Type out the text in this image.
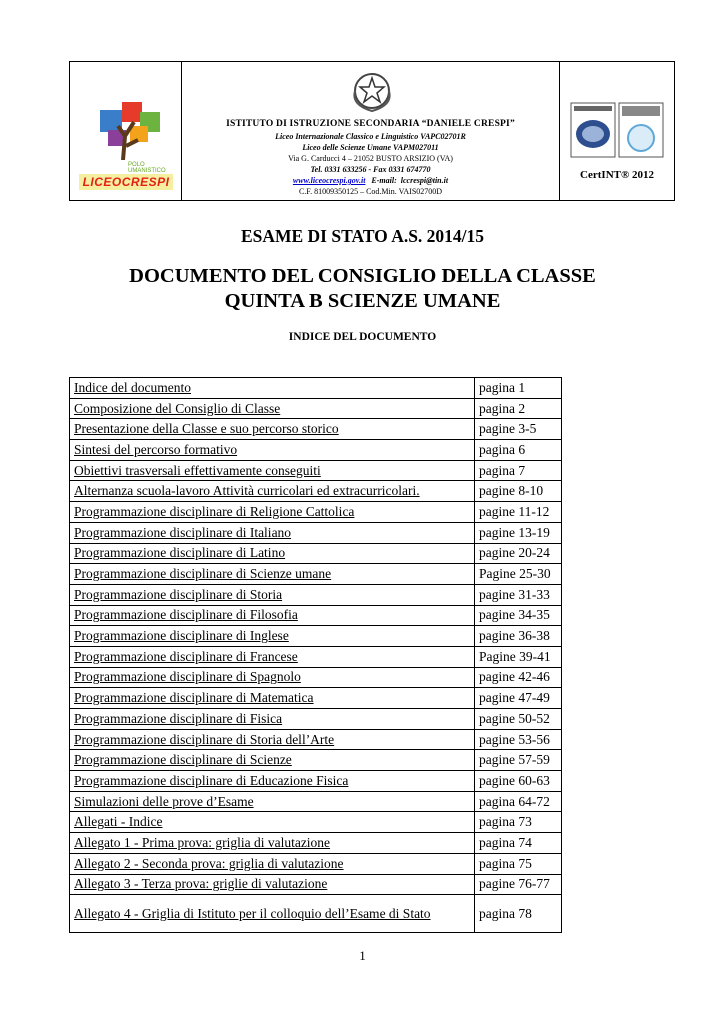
POLO UMANISTICO
LICEOCRESPI
ISTITUTO DI ISTRUZIONE SECONDARIA “DANIELE CRESPI”
Liceo Internazionale Classico e Linguistico VAPC02701R
Liceo delle Scienze Umane VAPM027011
Via G. Carducci 4 – 21052 BUSTO ARSIZIO (VA)
Tel. 0331 633256 - Fax 0331 674770
www.liceocrespi.gov.it   E-mail:  lccrespi@tin.it
C.F. 81009350125 – Cod.Min. VAIS02700D
CertINT® 2012
ESAME DI STATO A.S. 2014/15
DOCUMENTO DEL CONSIGLIO DELLA CLASSE
QUINTA B SCIENZE UMANE
INDICE DEL DOCUMENTO
Indice del documento	pagina 1
Composizione del Consiglio di Classe	pagina 2
Presentazione della Classe e suo percorso storico	pagine 3-5
Sintesi del percorso formativo	pagina 6
Obiettivi trasversali effettivamente conseguiti	pagina 7
Alternanza scuola-lavoro Attività curricolari ed extracurricolari.	pagine 8-10
Programmazione disciplinare di Religione Cattolica	pagine 11-12
Programmazione disciplinare di Italiano	pagine 13-19
Programmazione disciplinare di Latino	pagine 20-24
Programmazione disciplinare di Scienze umane	Pagine 25-30
Programmazione disciplinare di Storia	pagine 31-33
Programmazione disciplinare di Filosofia	pagine 34-35
Programmazione disciplinare di Inglese	pagine 36-38
Programmazione disciplinare di Francese	Pagine 39-41
Programmazione disciplinare di Spagnolo	pagine 42-46
Programmazione disciplinare di Matematica	pagine 47-49
Programmazione disciplinare di Fisica	pagine 50-52
Programmazione disciplinare di Storia dell’Arte	pagine 53-56
Programmazione disciplinare di Scienze	pagine 57-59
Programmazione disciplinare di Educazione Fisica	pagine 60-63
Simulazioni delle prove d’Esame	pagina 64-72
Allegati - Indice	pagina 73
Allegato 1 - Prima prova: griglia di valutazione	pagina 74
Allegato 2 - Seconda prova: griglia di valutazione	pagina 75
Allegato 3 - Terza prova: griglie di valutazione	pagine 76-77
Allegato 4 - Griglia di Istituto per il colloquio dell’Esame di Stato	pagina 78
1
